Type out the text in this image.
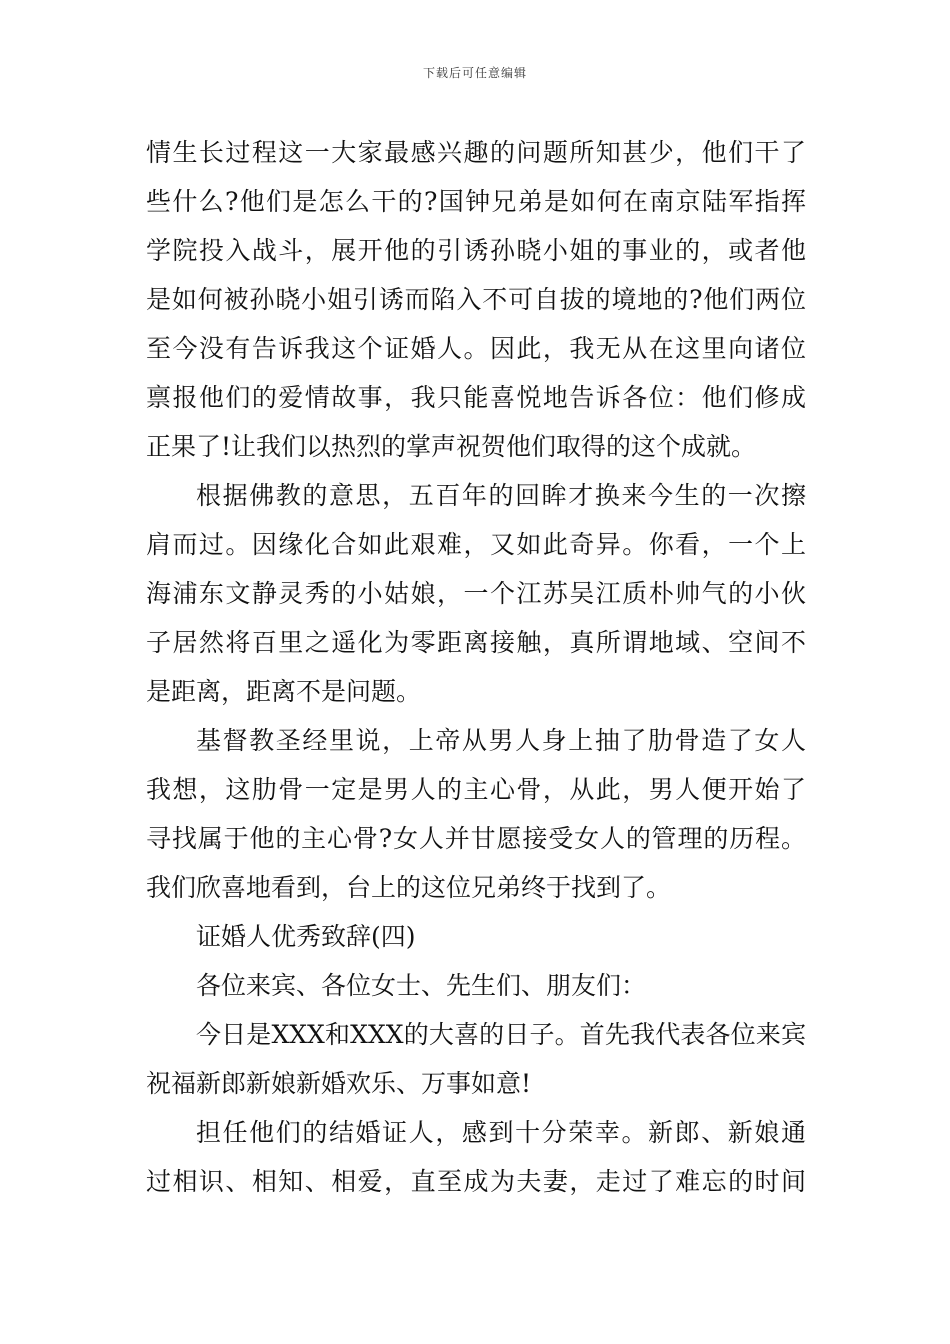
下载后可任意编辑
情生长过程这一大家最感兴趣的问题所知甚少，他们干了
些什么?他们是怎么干的?国钟兄弟是如何在南京陆军指挥
学院投入战斗，展开他的引诱孙晓小姐的事业的，或者他
是如何被孙晓小姐引诱而陷入不可自拔的境地的?他们两位
至今没有告诉我这个证婚人。因此，我无从在这里向诸位
禀报他们的爱情故事，我只能喜悦地告诉各位：他们修成
正果了!让我们以热烈的掌声祝贺他们取得的这个成就。
根据佛教的意思，五百年的回眸才换来今生的一次擦
肩而过。因缘化合如此艰难，又如此奇异。你看，一个上
海浦东文静灵秀的小姑娘，一个江苏吴江质朴帅气的小伙
子居然将百里之遥化为零距离接触，真所谓地域、空间不
是距离，距离不是问题。
基督教圣经里说，上帝从男人身上抽了肋骨造了女人
我想，这肋骨一定是男人的主心骨，从此，男人便开始了
寻找属于他的主心骨?女人并甘愿接受女人的管理的历程。
我们欣喜地看到，台上的这位兄弟终于找到了。
证婚人优秀致辞(四)
各位来宾、各位女士、先生们、朋友们：
今日是XXX和XXX的大喜的日子。首先我代表各位来宾
祝福新郎新娘新婚欢乐、万事如意!
担任他们的结婚证人，感到十分荣幸。新郎、新娘通
过相识、相知、相爱，直至成为夫妻，走过了难忘的时间
